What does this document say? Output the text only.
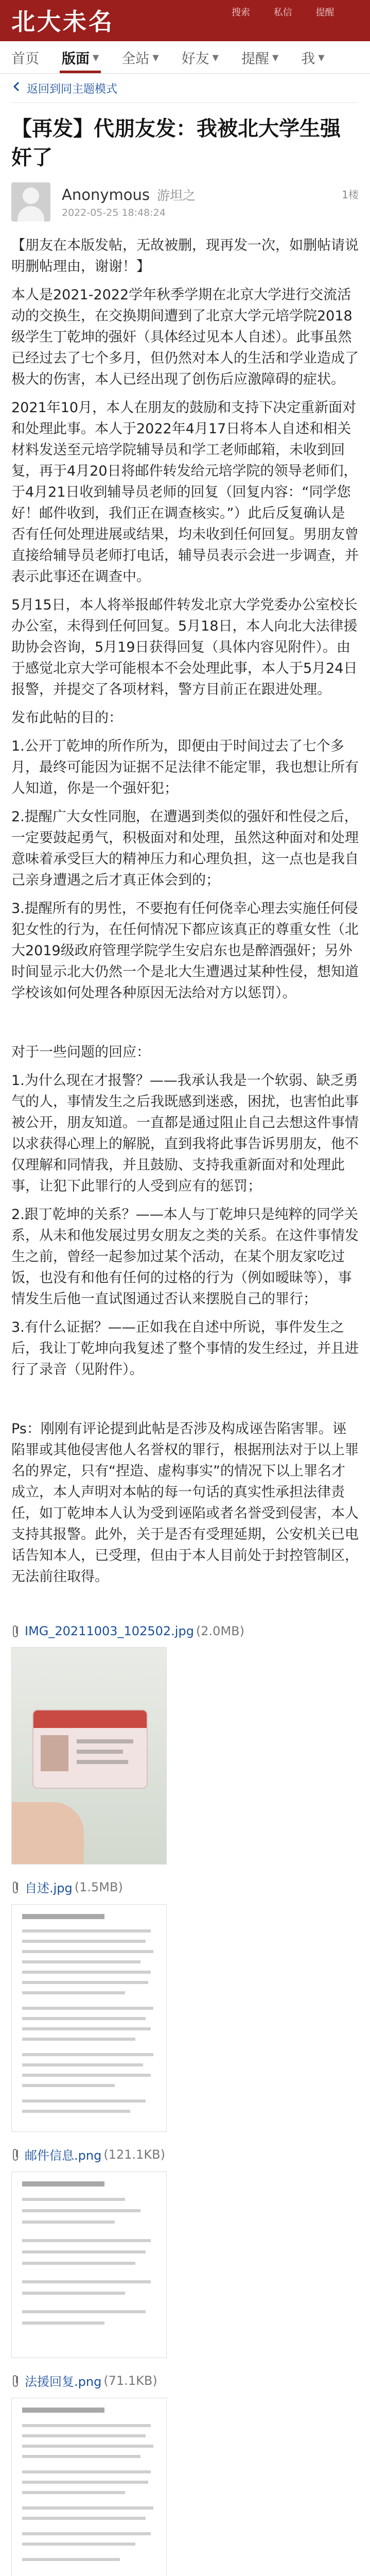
北大未名	搜索	私信	提醒
首页 版面 ▼ 全站 ▼ 好友 ▼ 提醒 ▼ 我 ▼
返回到同主题模式
【再发】代朋友发：我被北大学生强奸了
Anonymous 游坦之
2022-05-25 18:48:24
1楼

【朋友在本版发帖，无故被删，现再发一次，如删帖请说明删帖理由，谢谢！】

本人是2021-2022学年秋季学期在北京大学进行交流活动的交换生，在交换期间遭到了北京大学元培学院2018级学生丁乾坤的强奸（具体经过见本人自述）。此事虽然已经过去了七个多月，但仍然对本人的生活和学业造成了极大的伤害，本人已经出现了创伤后应激障碍的症状。

2021年10月，本人在朋友的鼓励和支持下决定重新面对和处理此事。本人于2022年4月17日将本人自述和相关材料发送至元培学院辅导员和学工老师邮箱，未收到回复，再于4月20日将邮件转发给元培学院的领导老师们，于4月21日收到辅导员老师的回复（回复内容：“同学您好！邮件收到，我们正在调查核实。”）此后反复确认是否有任何处理进展或结果，均未收到任何回复。男朋友曾直接给辅导员老师打电话，辅导员表示会进一步调查，并表示此事还在调查中。

5月15日，本人将举报邮件转发北京大学党委办公室校长办公室，未得到任何回复。5月18日，本人向北大法律援助协会咨询，5月19日获得回复（具体内容见附件）。由于感觉北京大学可能根本不会处理此事，本人于5月24日报警，并提交了各项材料，警方目前正在跟进处理。

发布此帖的目的：

1.公开丁乾坤的所作所为，即便由于时间过去了七个多月，最终可能因为证据不足法律不能定罪，我也想让所有人知道，你是一个强奸犯；

2.提醒广大女性同胞，在遭遇到类似的强奸和性侵之后，一定要鼓起勇气，积极面对和处理，虽然这种面对和处理意味着承受巨大的精神压力和心理负担，这一点也是我自己亲身遭遇之后才真正体会到的；

3.提醒所有的男性，不要抱有任何侥幸心理去实施任何侵犯女性的行为，在任何情况下都应该真正的尊重女性（北大2019级政府管理学院学生安启东也是醉酒强奸；另外时间显示北大仍然一个是北大生遭遇过某种性侵，想知道学校该如何处理各种原因无法给对方以惩罚）。

对于一些问题的回应：

1.为什么现在才报警？——我承认我是一个软弱、缺乏勇气的人，事情发生之后我既感到迷惑，困扰，也害怕此事被公开，朋友知道。一直都是通过阻止自己去想这件事情以求获得心理上的解脱，直到我将此事告诉男朋友，他不仅理解和同情我，并且鼓励、支持我重新面对和处理此事，让犯下此罪行的人受到应有的惩罚；

2.跟丁乾坤的关系？——本人与丁乾坤只是纯粹的同学关系，从未和他发展过男女朋友之类的关系。在这件事情发生之前，曾经一起参加过某个活动，在某个朋友家吃过饭，也没有和他有任何的过格的行为（例如暧昧等），事情发生后他一直试图通过否认来摆脱自己的罪行；

3.有什么证据？——正如我在自述中所说，事件发生之后，我让丁乾坤向我复述了整个事情的发生经过，并且进行了录音（见附件）。

Ps：刚刚有评论提到此帖是否涉及构成诬告陷害罪。诬陷罪或其他侵害他人名誉权的罪行，根据刑法对于以上罪名的界定，只有“捏造、虚构事实”的情况下以上罪名才成立，本人声明对本帖的每一句话的真实性承担法律责任，如丁乾坤本人认为受到诬陷或者名誉受到侵害，本人支持其报警。此外，关于是否有受理延期，公安机关已电话告知本人，已受理，但由于本人目前处于封控管制区，无法前往取得。

IMG_20211003_102502.jpg (2.0MB)
自述.jpg (1.5MB)
邮件信息.png (121.1KB)
法援回复.png (71.1KB)
